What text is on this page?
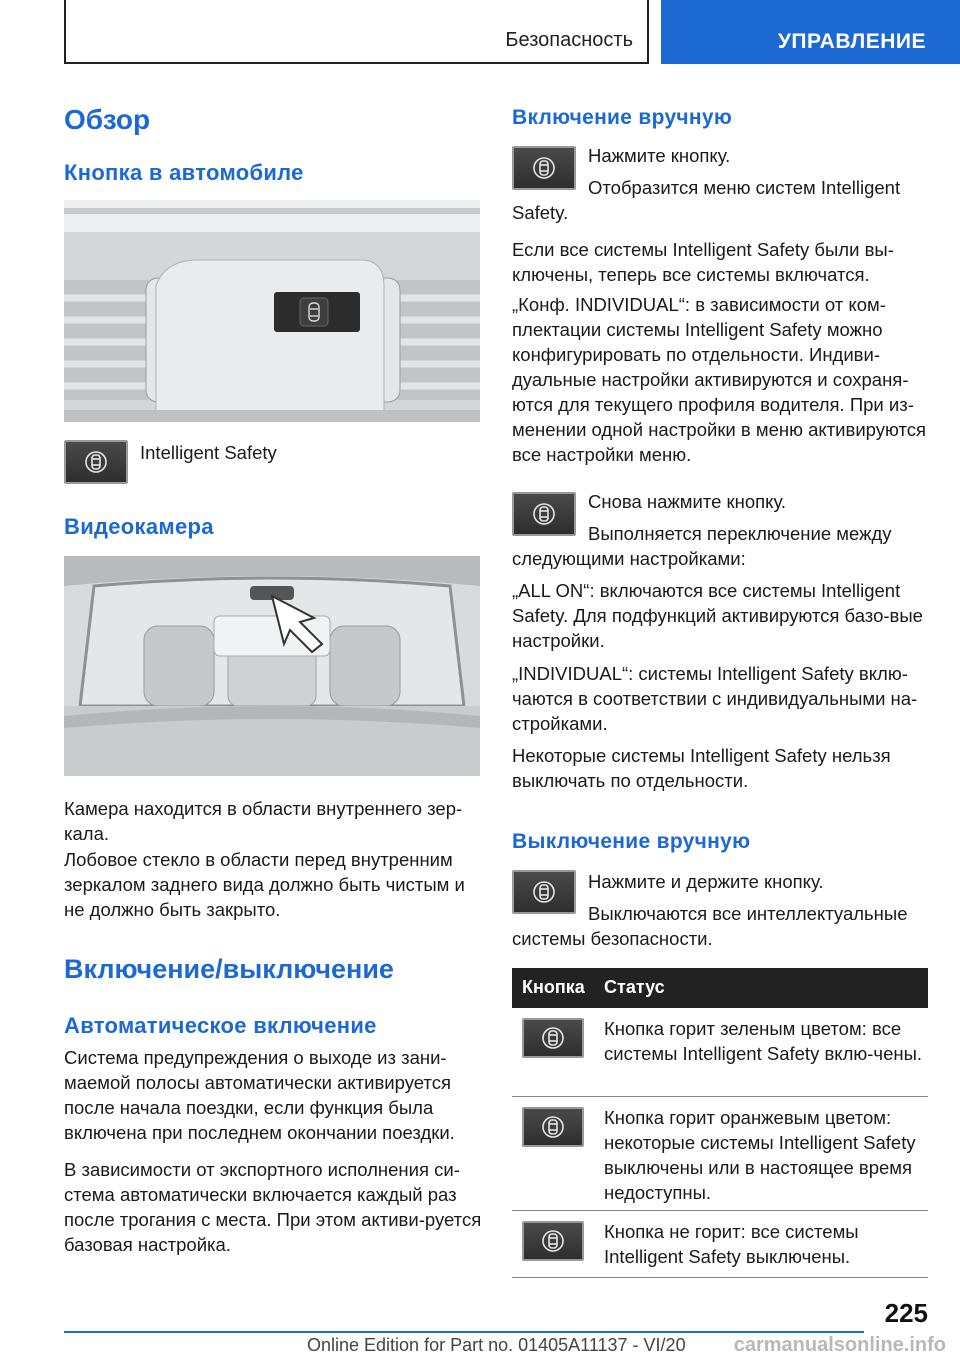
Безопасность	УПРАВЛЕНИЕ
Обзор
Кнопка в автомобиле

Intelligent Safety

Видеокамера

Камера находится в области внутреннего зер-кала.

Лобовое стекло в области перед внутренним зеркалом заднего вида должно быть чистым и не должно быть закрыто.

Включение/выключение
Автоматическое включение

Система предупреждения о выходе из зани-маемой полосы автоматически активируется после начала поездки, если функция была включена при последнем окончании поездки.

В зависимости от экспортного исполнения си-стема автоматически включается каждый раз после трогания с места. При этом активи-руется базовая настройка.

Включение вручную

Нажмите кнопку.

Отобразится меню систем Intelligent Safety.

Если все системы Intelligent Safety были вы-ключены, теперь все системы включатся.

„Конф. INDIVIDUAL“: в зависимости от ком-плектации системы Intelligent Safety можно конфигурировать по отдельности. Индиви-дуальные настройки активируются и сохраня-ются для текущего профиля водителя. При из-менении одной настройки в меню активируются все настройки меню.

Снова нажмите кнопку.

Выполняется переключение между следующими настройками:

„ALL ON“: включаются все системы Intelligent Safety. Для подфункций активируются базо-вые настройки.

„INDIVIDUAL“: системы Intelligent Safety вклю-чаются в соответствии с индивидуальными на-стройками.

Некоторые системы Intelligent Safety нельзя выключать по отдельности.

Выключение вручную

Нажмите и держите кнопку.

Выключаются все интеллектуальные системы безопасности.

Кнопка Статус
Кнопка горит зеленым цветом: все системы Intelligent Safety вклю-чены.
Кнопка горит оранжевым цветом: некоторые системы Intelligent Safety выключены или в настоящее время недоступны.
Кнопка не горит: все системы Intelligent Safety выключены.
225
Online Edition for Part no. 01405A11137 - VI/20 carmanualsonline.info
